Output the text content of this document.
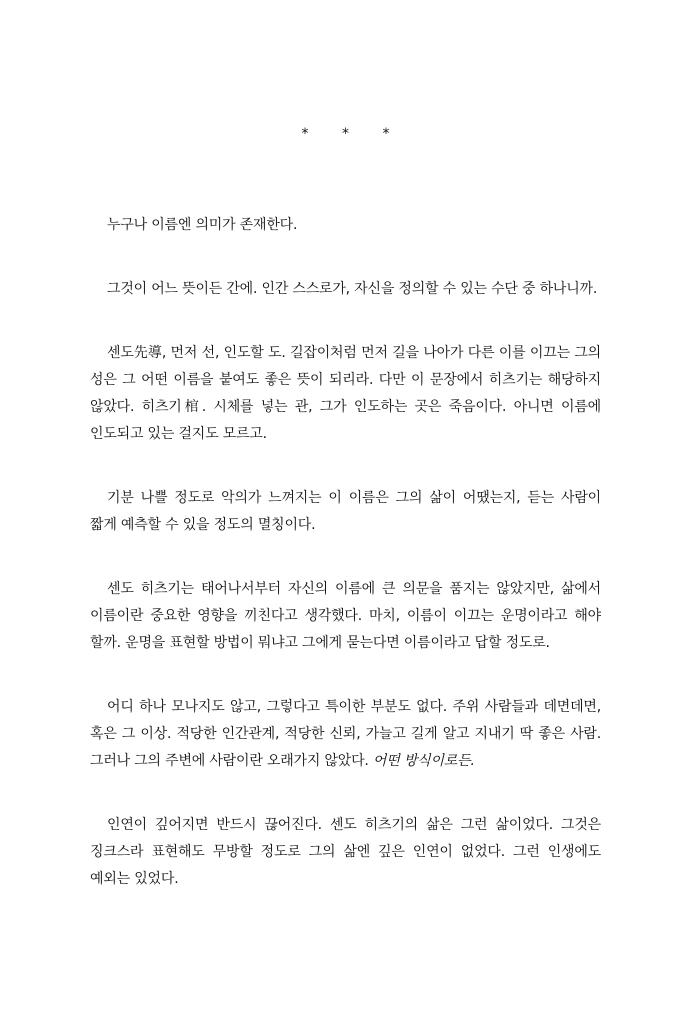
* * *

누구나 이름엔 의미가 존재한다.

그것이 어느 뜻이든 간에. 인간 스스로가, 자신을 정의할 수 있는 수단 중 하나니까.

센도先導, 먼저 선, 인도할 도. 길잡이처럼 먼저 길을 나아가 다른 이를 이끄는 그의 성은 그 어떤 이름을 붙여도 좋은 뜻이 되리라. 다만 이 문장에서 히츠기는 해당하지 않았다. 히츠기棺. 시체를 넣는 관, 그가 인도하는 곳은 죽음이다. 아니면 이름에 인도되고 있는 걸지도 모르고.

기분 나쁠 정도로 악의가 느껴지는 이 이름은 그의 삶이 어땠는지, 듣는 사람이 짧게 예측할 수 있을 정도의 멸칭이다.

센도 히츠기는 태어나서부터 자신의 이름에 큰 의문을 품지는 않았지만, 삶에서 이름이란 중요한 영향을 끼친다고 생각했다. 마치, 이름이 이끄는 운명이라고 해야 할까. 운명을 표현할 방법이 뭐냐고 그에게 묻는다면 이름이라고 답할 정도로.

어디 하나 모나지도 않고, 그렇다고 특이한 부분도 없다. 주위 사람들과 데면데면, 혹은 그 이상. 적당한 인간관계, 적당한 신뢰, 가늘고 길게 알고 지내기 딱 좋은 사람. 그러나 그의 주변에 사람이란 오래가지 않았다. 어떤 방식이로든.

인연이 깊어지면 반드시 끊어진다. 센도 히츠기의 삶은 그런 삶이었다. 그것은 징크스라 표현해도 무방할 정도로 그의 삶엔 깊은 인연이 없었다. 그런 인생에도 예외는 있었다.
